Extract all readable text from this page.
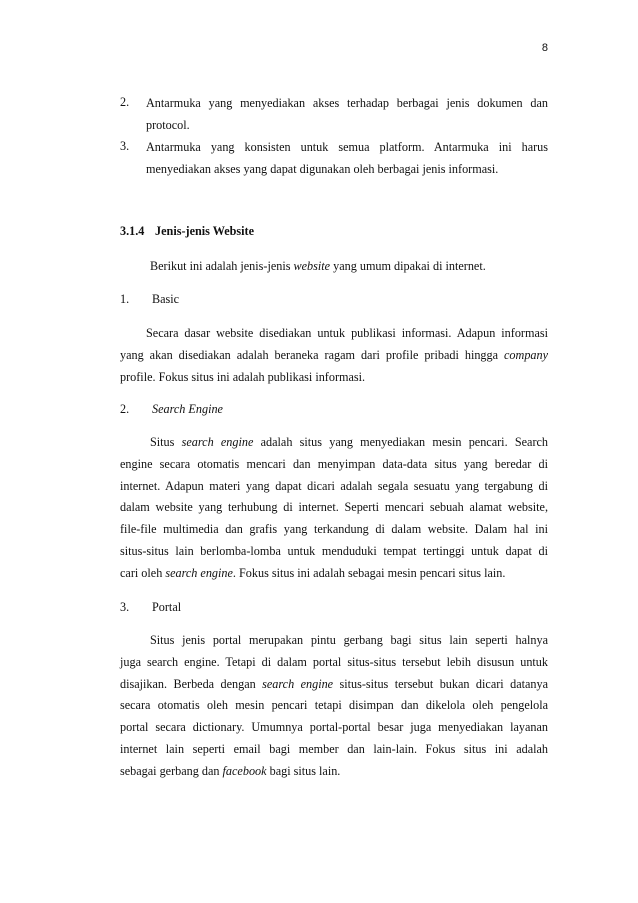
8
2. Antarmuka yang menyediakan akses terhadap berbagai jenis dokumen dan
protocol.
3. Antarmuka yang konsisten untuk semua platform. Antarmuka ini harus
menyediakan akses yang dapat digunakan oleh berbagai jenis informasi.
3.1.4 Jenis-jenis Website
Berikut ini adalah jenis-jenis website yang umum dipakai di internet.
1. Basic
Secara dasar website disediakan untuk publikasi informasi. Adapun informasi
yang akan disediakan adalah beraneka ragam dari profile pribadi hingga company
profile. Fokus situs ini adalah publikasi informasi.
2. Search Engine
Situs search engine adalah situs yang menyediakan mesin pencari. Search
engine secara otomatis mencari dan menyimpan data-data situs yang beredar di
internet. Adapun materi yang dapat dicari adalah segala sesuatu yang tergabung di
dalam website yang terhubung di internet. Seperti mencari sebuah alamat website,
file-file multimedia dan grafis yang terkandung di dalam website. Dalam hal ini
situs-situs lain berlomba-lomba untuk menduduki tempat tertinggi untuk dapat di
cari oleh search engine. Fokus situs ini adalah sebagai mesin pencari situs lain.
3. Portal
Situs jenis portal merupakan pintu gerbang bagi situs lain seperti halnya
juga search engine. Tetapi di dalam portal situs-situs tersebut lebih disusun untuk
disajikan. Berbeda dengan search engine situs-situs tersebut bukan dicari datanya
secara otomatis oleh mesin pencari tetapi disimpan dan dikelola oleh pengelola
portal secara dictionary. Umumnya portal-portal besar juga menyediakan layanan
internet lain seperti email bagi member dan lain-lain. Fokus situs ini adalah
sebagai gerbang dan facebook bagi situs lain.
